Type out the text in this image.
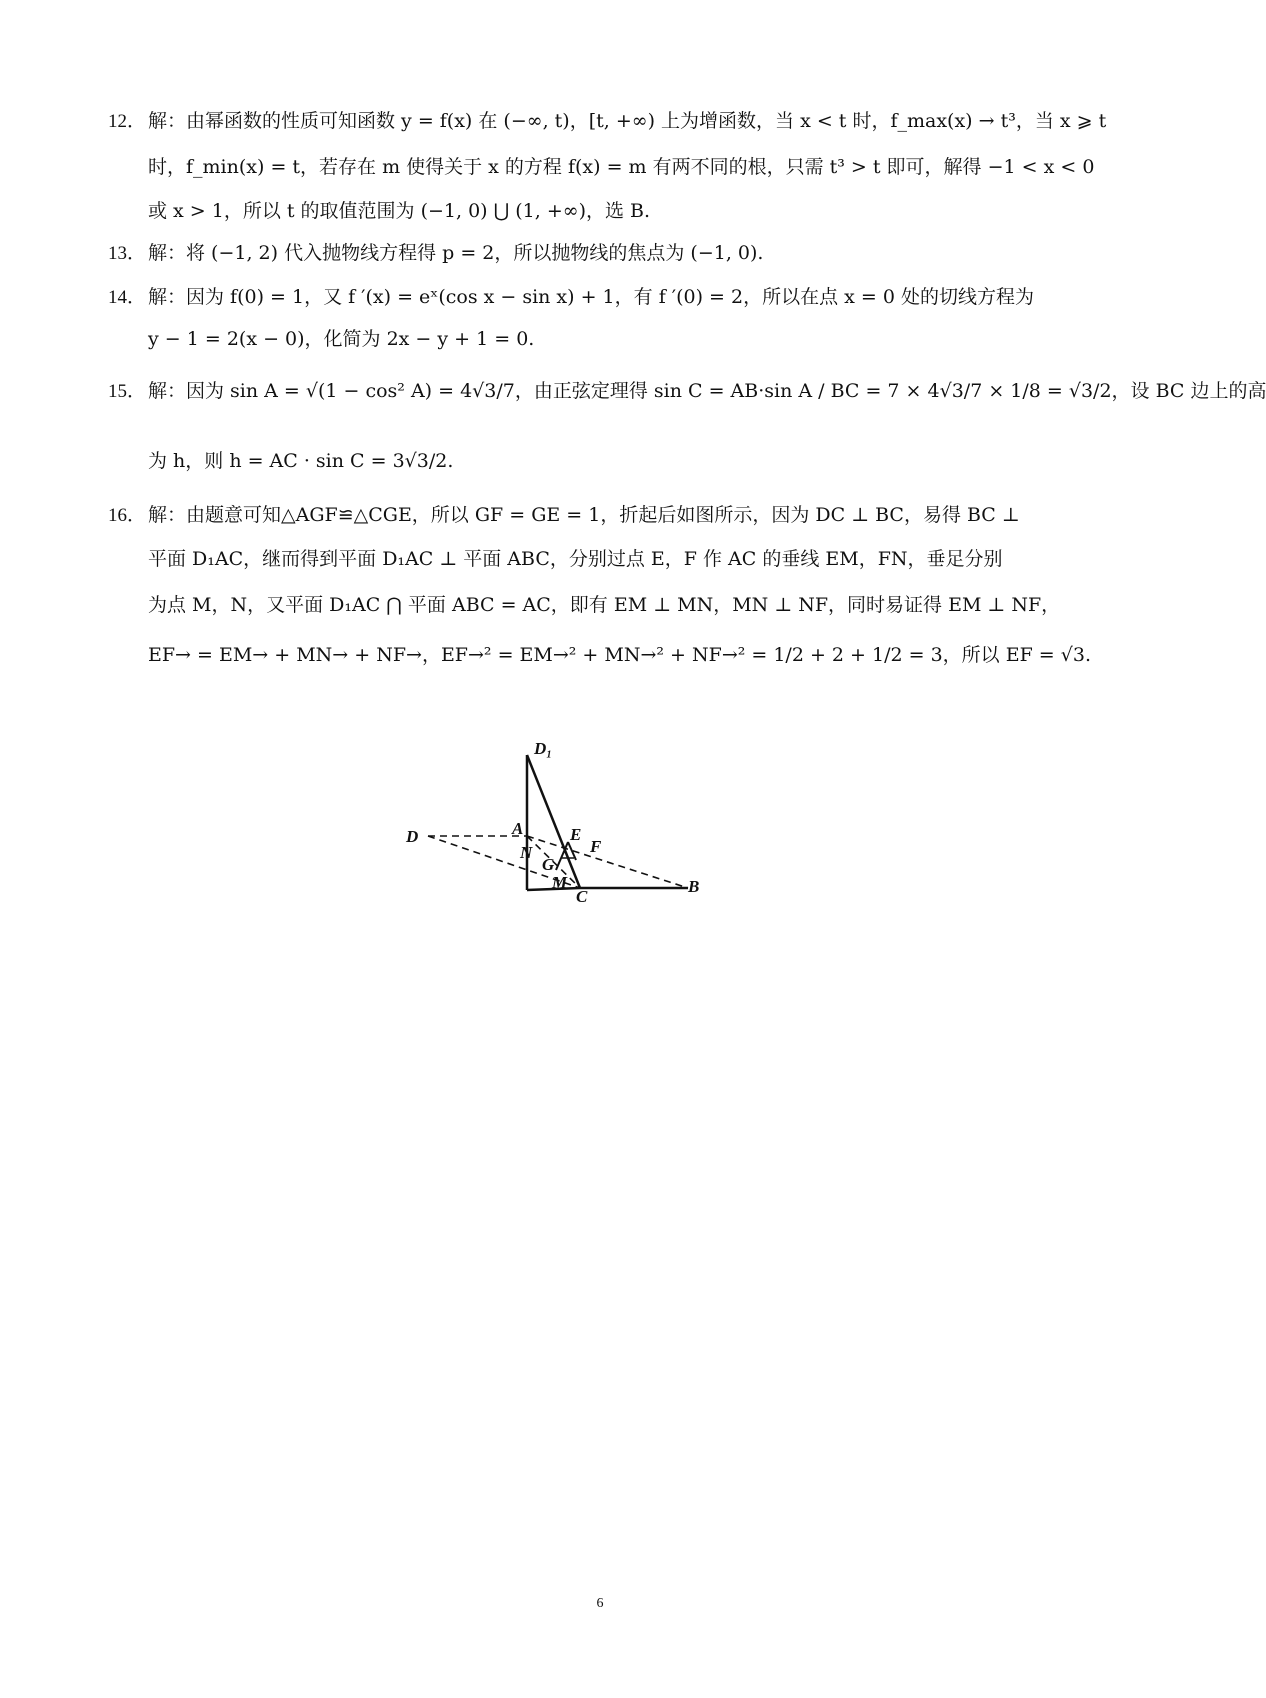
12． 解：由幂函数的性质可知函数 y = f(x) 在 (−∞, t)，[t, +∞) 上为增函数，当 x < t 时，f_max(x) → t³，当 x ⩾ t
时，f_min(x) = t，若存在 m 使得关于 x 的方程 f(x) = m 有两不同的根，只需 t³ > t 即可，解得 −1 < x < 0
或 x > 1，所以 t 的取值范围为 (−1, 0) ⋃ (1, +∞)，选 B.
13． 解：将 (−1, 2) 代入抛物线方程得 p = 2，所以抛物线的焦点为 (−1, 0).
14． 解：因为 f(0) = 1，又 f ′(x) = eˣ(cos x − sin x) + 1，有 f ′(0) = 2，所以在点 x = 0 处的切线方程为
y − 1 = 2(x − 0)，化简为 2x − y + 1 = 0.
15． 解：因为 sin A = √(1 − cos² A) = 4√3/7，由正弦定理得 sin C = AB·sin A / BC = 7 × 4√3/7 × 1/8 = √3/2，设 BC 边上的高
为 h，则 h = AC · sin C = 3√3/2.
16． 解：由题意可知△AGF≌△CGE，所以 GF = GE = 1，折起后如图所示，因为 DC ⊥ BC，易得 BC ⊥
平面 D₁AC，继而得到平面 D₁AC ⊥ 平面 ABC，分别过点 E，F 作 AC 的垂线 EM，FN，垂足分别
为点 M，N，又平面 D₁AC ⋂ 平面 ABC = AC，即有 EM ⊥ MN，MN ⊥ NF，同时易证得 EM ⊥ NF，
EF→ = EM→ + MN→ + NF→，EF→² = EM→² + MN→² + NF→² = 1/2 + 2 + 1/2 = 3，所以 EF = √3.
D₁
A
D	E
F
N
G
M
C
B
6
